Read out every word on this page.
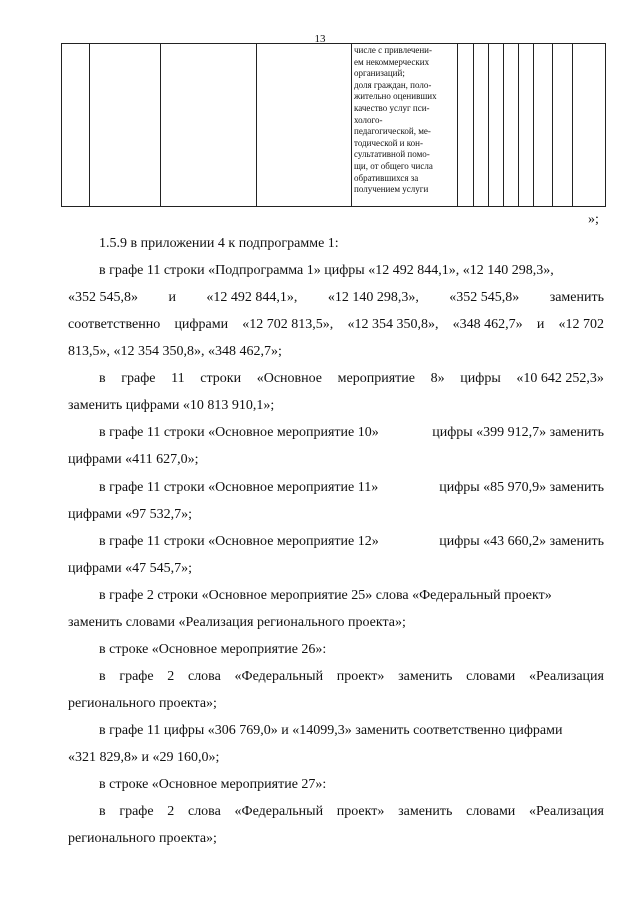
13
числе с привлечени-
ем некоммерческих
организаций;
доля граждан, поло-
жительно оценивших
качество услуг пси-
холого-
педагогической, ме-
тодической и кон-
сультативной помо-
щи, от общего числа
обратившихся за
получением услуги
»;
1.5.9 в приложении 4 к подпрограмме 1:
в графе 11 строки «Подпрограмма 1» цифры «12 492 844,1», «12 140 298,3»,
«352 545,8» и «12 492 844,1», «12 140 298,3», «352 545,8» заменить
соответственно цифрами «12 702 813,5», «12 354 350,8», «348 462,7» и «12 702
813,5», «12 354 350,8», «348 462,7»;
в графе 11 строки «Основное мероприятие 8» цифры «10 642 252,3»
заменить цифрами «10 813 910,1»;
в графе 11 строки «Основное мероприятие 10»	цифры «399 912,7» заменить
цифрами «411 627,0»;
в графе 11 строки «Основное мероприятие 11»	цифры «85 970,9» заменить
цифрами «97 532,7»;
в графе 11 строки «Основное мероприятие 12»	цифры «43 660,2» заменить
цифрами «47 545,7»;
в графе 2 строки «Основное мероприятие 25» слова «Федеральный проект»
заменить словами «Реализация регионального проекта»;
в строке «Основное мероприятие 26»:
в графе 2 слова «Федеральный проект» заменить словами «Реализация
регионального проекта»;
в графе 11 цифры «306 769,0» и «14099,3» заменить соответственно цифрами
«321 829,8» и «29 160,0»;
в строке «Основное мероприятие 27»:
в графе 2 слова «Федеральный проект» заменить словами «Реализация
регионального проекта»;
